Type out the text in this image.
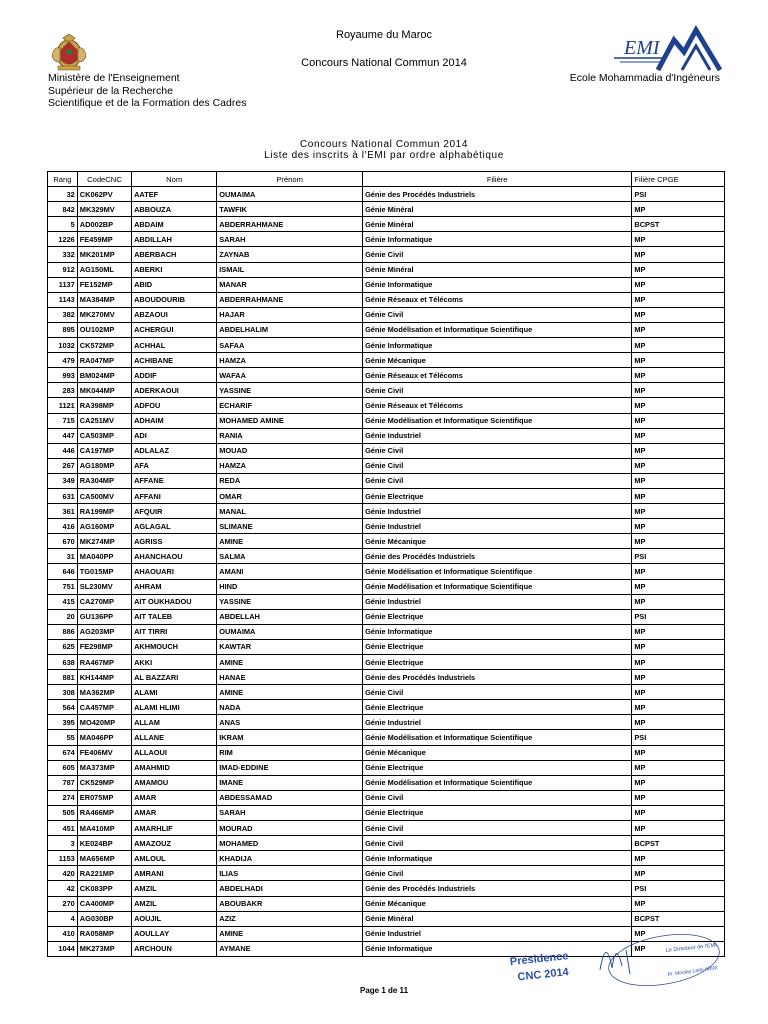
EMI
Royaume du Maroc
Concours National Commun 2014
Ministère de l'Enseignement
Supérieur de la Recherche
Scientifique et de la Formation des Cadres
Ecole Mohammadia d'Ingéneurs
Concours National Commun 2014
Liste des inscrits à l'EMI par ordre alphabétique
Rang	CodeCNC	Nom	Prénom	Filière	Filière CPGE
32	CK062PV	AATEF	OUMAIMA	Génie des Procédés Industriels	PSI
842	MK329MV	ABBOUZA	TAWFIK	Génie Minéral	MP
5	AD002BP	ABDAIM	ABDERRAHMANE	Génie Minéral	BCPST
1226	FE459MP	ABDILLAH	SARAH	Génie Informatique	MP
332	MK201MP	ABERBACH	ZAYNAB	Génie Civil	MP
912	AG150ML	ABERKI	ISMAIL	Génie Minéral	MP
1137	FE152MP	ABID	MANAR	Génie Informatique	MP
1143	MA384MP	ABOUDOURIB	ABDERRAHMANE	Génie Réseaux et Télécoms	MP
382	MK270MV	ABZAOUI	HAJAR	Génie Civil	MP
895	OU102MP	ACHERGUI	ABDELHALIM	Génie Modélisation et Informatique Scientifique	MP
1032	CK572MP	ACHHAL	SAFAA	Génie Informatique	MP
479	RA047MP	ACHIBANE	HAMZA	Génie Mécanique	MP
993	BM024MP	ADDIF	WAFAA	Génie Réseaux et Télécoms	MP
283	MK044MP	ADERKAOUI	YASSINE	Génie Civil	MP
1121	RA398MP	ADFOU	ECHARIF	Génie Réseaux et Télécoms	MP
715	CA251MV	ADHAIM	MOHAMED AMINE	Génie Modélisation et Informatique Scientifique	MP
447	CA503MP	ADI	RANIA	Génie Industriel	MP
446	CA197MP	ADLALAZ	MOUAD	Génie Civil	MP
267	AG180MP	AFA	HAMZA	Génie Civil	MP
349	RA304MP	AFFANE	REDA	Génie Civil	MP
631	CA500MV	AFFANI	OMAR	Génie Electrique	MP
361	RA199MP	AFQUIR	MANAL	Génie Industriel	MP
416	AG160MP	AGLAGAL	SLIMANE	Génie Industriel	MP
670	MK274MP	AGRISS	AMINE	Génie Mécanique	MP
31	MA040PP	AHANCHAOU	SALMA	Génie des Procédés Industriels	PSI
646	TG015MP	AHAOUARI	AMANI	Génie Modélisation et Informatique Scientifique	MP
751	SL230MV	AHRAM	HIND	Génie Modélisation et Informatique Scientifique	MP
415	CA270MP	AIT OUKHADOU	YASSINE	Génie Industriel	MP
20	GU136PP	AIT TALEB	ABDELLAH	Génie Electrique	PSI
886	AG203MP	AIT TIRRI	OUMAIMA	Génie Informatique	MP
625	FE298MP	AKHMOUCH	KAWTAR	Génie Electrique	MP
638	RA467MP	AKKI	AMINE	Génie Electrique	MP
881	KH144MP	AL BAZZARI	HANAE	Génie des Procédés Industriels	MP
308	MA362MP	ALAMI	AMINE	Génie Civil	MP
564	CA457MP	ALAMI HLIMI	NADA	Génie Electrique	MP
395	MO420MP	ALLAM	ANAS	Génie Industriel	MP
55	MA046PP	ALLANE	IKRAM	Génie Modélisation et Informatique Scientifique	PSI
674	FE406MV	ALLAOUI	RIM	Génie Mécanique	MP
605	MA373MP	AMAHMID	IMAD-EDDINE	Génie Electrique	MP
787	CK529MP	AMAMOU	IMANE	Génie Modélisation et Informatique Scientifique	MP
274	ER075MP	AMAR	ABDESSAMAD	Génie Civil	MP
505	RA466MP	AMAR	SARAH	Génie Electrique	MP
451	MA410MP	AMARHLIF	MOURAD	Génie Civil	MP
3	KE024BP	AMAZOUZ	MOHAMED	Génie Civil	BCPST
1153	MA656MP	AMLOUL	KHADIJA	Génie Informatique	MP
420	RA221MP	AMRANI	ILIAS	Génie Civil	MP
42	CK083PP	AMZIL	ABDELHADI	Génie des Procédés Industriels	PSI
270	CA400MP	AMZIL	ABOUBAKR	Génie Mécanique	MP
4	AG030BP	AOUJIL	AZIZ	Génie Minéral	BCPST
410	RA058MP	AOULLAY	AMINE	Génie Industriel	MP
1044	MK273MP	ARCHOUN	AYMANE	Génie Informatique	MP
Présidence
CNC 2014
Le Directeur de l'EMI
Pr. Moulay Larbi ABIDI
Page 1 de 11
